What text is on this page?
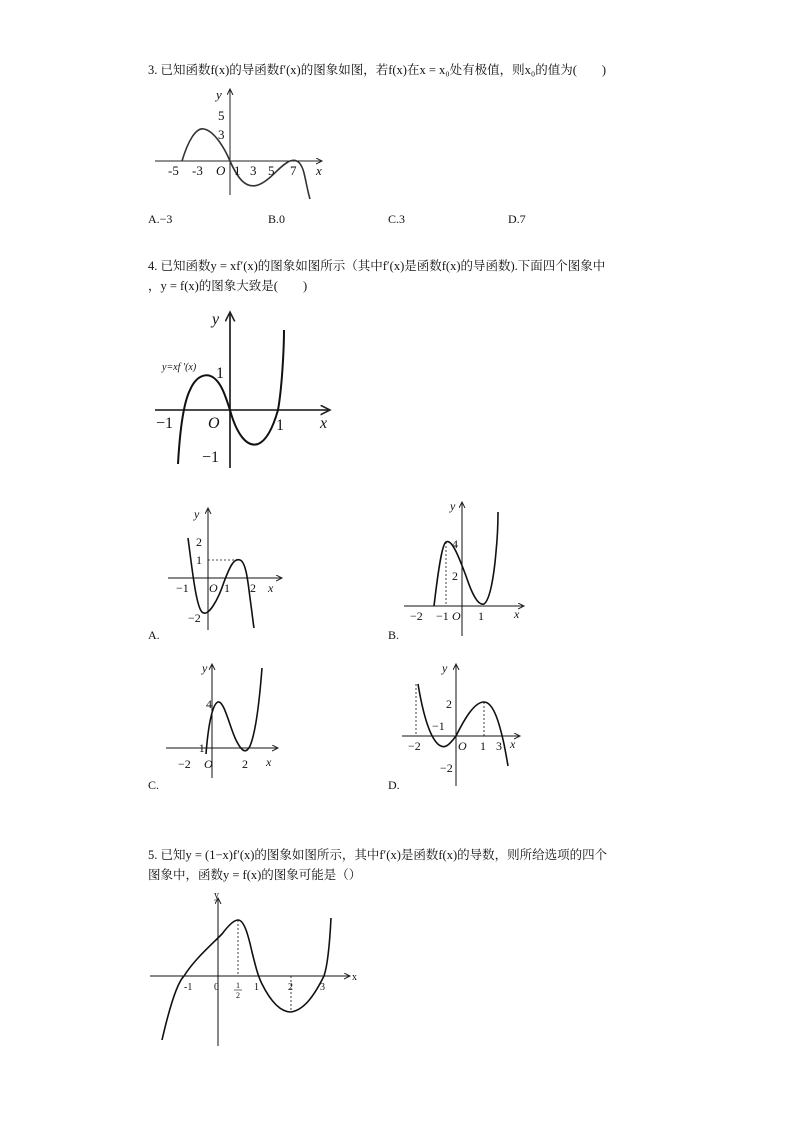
3. 已知函数f(x)的导函数f′(x)的图象如图，若f(x)在x = x₀处有极值，则x₀的值为(　　)
y
5
3
-5 -3 O 1 3 5 7 x
A.−3	B.0	C.3	D.7
4. 已知函数y = xf′(x)的图象如图所示（其中f′(x)是函数f(x)的导函数).下面四个图象中
，y = f(x)的图象大致是(　　)
y
y=xf ′(x) 1
−1 O	1 x
−1
y
2
1
−1 O 1 2 x
−2
A.
y
4
2
−2 −1 O 1	x
B.
y
4
−1
−2 O 2 x
C.
y
2
−1
−2	O 1 3 x
−2
D.
5. 已知y = (1−x)f′(x)的图象如图所示，其中f′(x)是函数f(x)的导数，则所给选项的四个
图象中，函数y = f(x)的图象可能是（）
y
-1 0 1
2
1	2	3
x
